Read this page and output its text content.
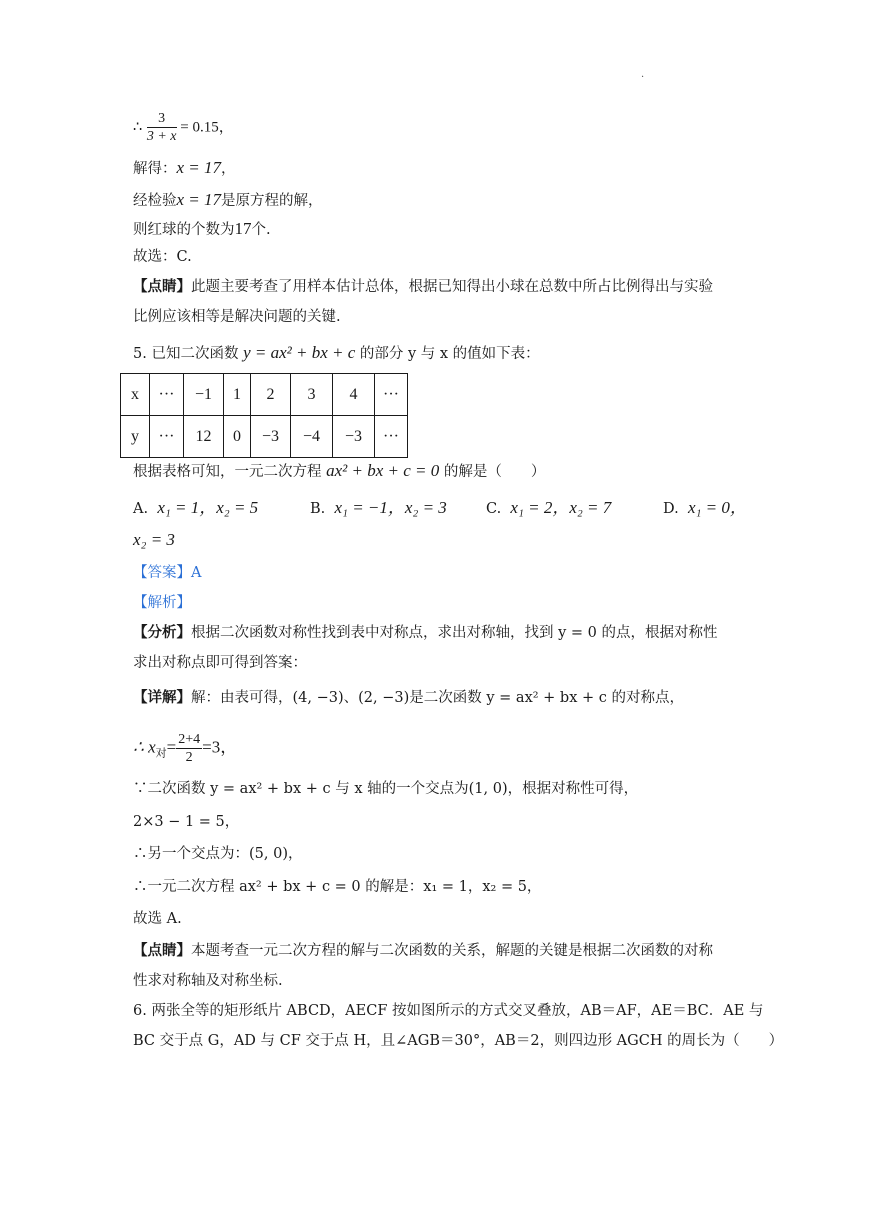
·
∴ $\frac{3}{3 + x} = 0.15$，
解得：x = 17，
经检验x = 17是原方程的解，
则红球的个数为17个.
故选：C.
【点睛】此题主要考查了用样本估计总体，根据已知得出小球在总数中所占比例得出与实验
比例应该相等是解决问题的关键.
5. 已知二次函数 y = ax² + bx + c 的部分 y 与 x 的值如下表：
x	···	−1	1	2	3	4	···
y	···	12	0	−3	−4	−3	···
根据表格可知，一元二次方程 ax² + bx + c = 0 的解是（　　）
A. x₁ = 1，x₂ = 5	B. x₁ = −1，x₂ = 3	C. x₁ = 2，x₂ = 7	D. x₁ = 0，
x₂ = 3
【答案】A
【解析】
【分析】根据二次函数对称性找到表中对称点，求出对称轴，找到 y = 0 的点，根据对称性
求出对称点即可得到答案：
【详解】解：由表可得，(4, −3)、(2, −3)是二次函数 y = ax² + bx + c 的对称点，
∴ $x_对= \frac{2+4}{2} =3$，
∵二次函数 y = ax² + bx + c 与 x 轴的一个交点为(1, 0)，根据对称性可得，
2×3 − 1 = 5，
∴另一个交点为：(5, 0)，
∴一元二次方程 ax² + bx + c = 0 的解是：x₁ = 1，x₂ = 5，
故选 A.
【点睛】本题考查一元二次方程的解与二次函数的关系，解题的关键是根据二次函数的对称
性求对称轴及对称坐标.
6. 两张全等的矩形纸片 ABCD，AECF 按如图所示的方式交叉叠放，AB＝AF，AE＝BC．AE 与
BC 交于点 G，AD 与 CF 交于点 H，且∠AGB＝30°，AB＝2，则四边形 AGCH 的周长为（　　）
